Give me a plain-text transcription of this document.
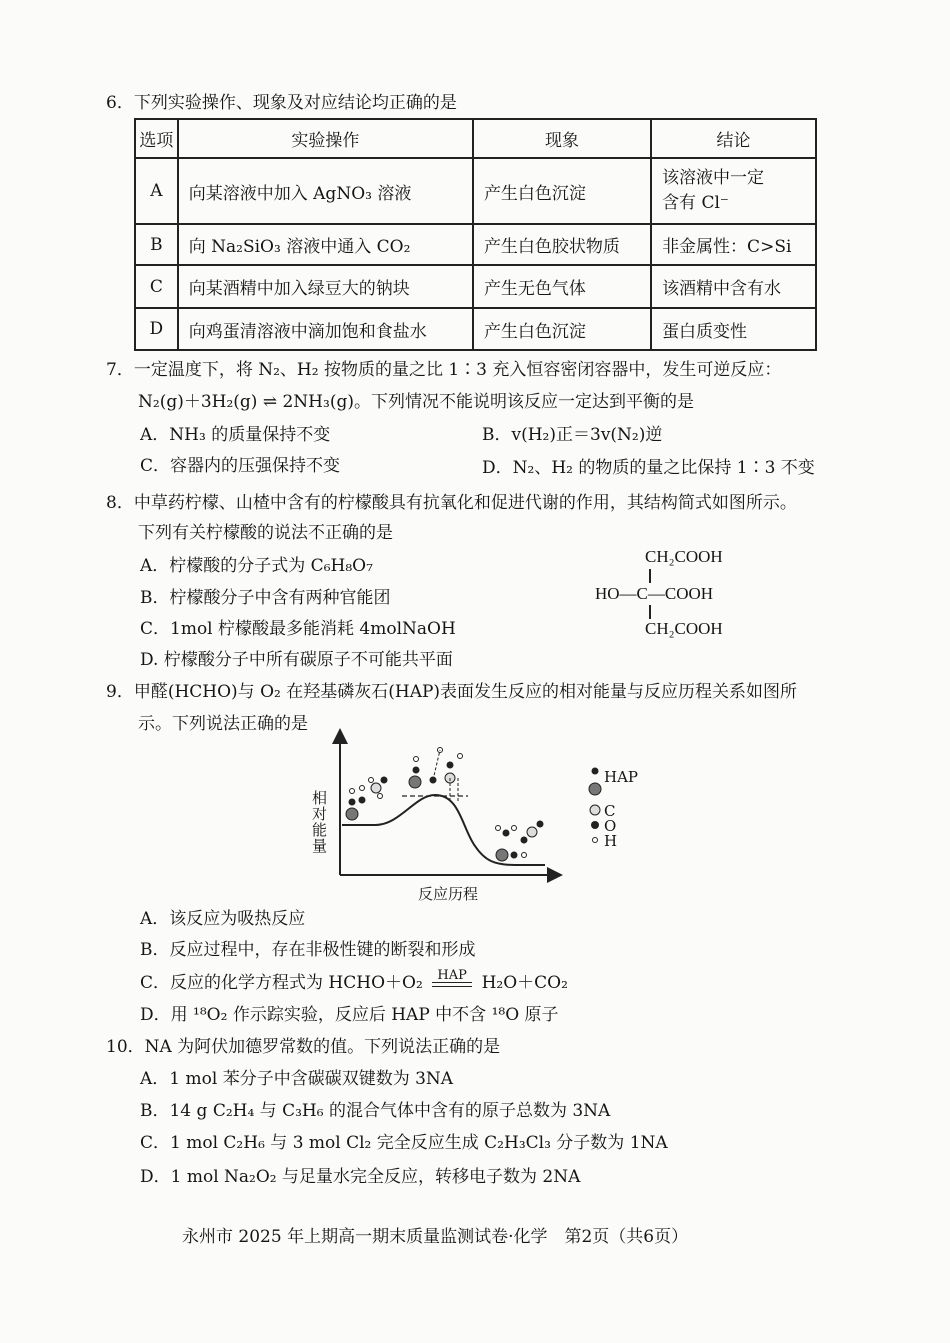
6．下列实验操作、现象及对应结论均正确的是
选项	实验操作	现象	结论
A	向某溶液中加入 AgNO₃ 溶液	产生白色沉淀	该溶液中一定
含有 Cl⁻

B	向 Na₂SiO₃ 溶液中通入 CO₂	产生白色胶状物质	非金属性：C>Si
C	向某酒精中加入绿豆大的钠块	产生无色气体	该酒精中含有水
D	向鸡蛋清溶液中滴加饱和食盐水	产生白色沉淀	蛋白质变性
7．一定温度下，将 N₂、H₂ 按物质的量之比 1∶3 充入恒容密闭容器中，发生可逆反应：
N₂(g)＋3H₂(g) ⇌ 2NH₃(g)。下列情况不能说明该反应一定达到平衡的是
A．NH₃ 的质量保持不变	B．v(H₂)正＝3v(N₂)逆
C．容器内的压强保持不变	D．N₂、H₂ 的物质的量之比保持 1∶3 不变
8．中草药柠檬、山楂中含有的柠檬酸具有抗氧化和促进代谢的作用，其结构简式如图所示。
下列有关柠檬酸的说法不正确的是
A．柠檬酸的分子式为 C₆H₈O₇
B．柠檬酸分子中含有两种官能团
C．1mol 柠檬酸最多能消耗 4molNaOH
D. 柠檬酸分子中所有碳原子不可能共平面
CH₂COOH
HO—C—COOH
CH₂COOH
9．甲醛(HCHO)与 O₂ 在羟基磷灰石(HAP)表面发生反应的相对能量与反应历程关系如图所
示。下列说法正确的是
相对能量
反应历程
HAP
C
O
H
A．该反应为吸热反应
B．反应过程中，存在非极性键的断裂和形成
C．反应的化学方程式为 HCHO＋O₂	HAP H₂O＋CO₂
D．用 ¹⁸O₂ 作示踪实验，反应后 HAP 中不含 ¹⁸O 原子
10．NA 为阿伏加德罗常数的值。下列说法正确的是
A．1 mol 苯分子中含碳碳双键数为 3NA
B．14 g C₂H₄ 与 C₃H₆ 的混合气体中含有的原子总数为 3NA
C．1 mol C₂H₆ 与 3 mol Cl₂ 完全反应生成 C₂H₃Cl₃ 分子数为 1NA
D．1 mol Na₂O₂ 与足量水完全反应，转移电子数为 2NA
永州市 2025 年上期高一期末质量监测试卷·化学　第2页（共6页）
